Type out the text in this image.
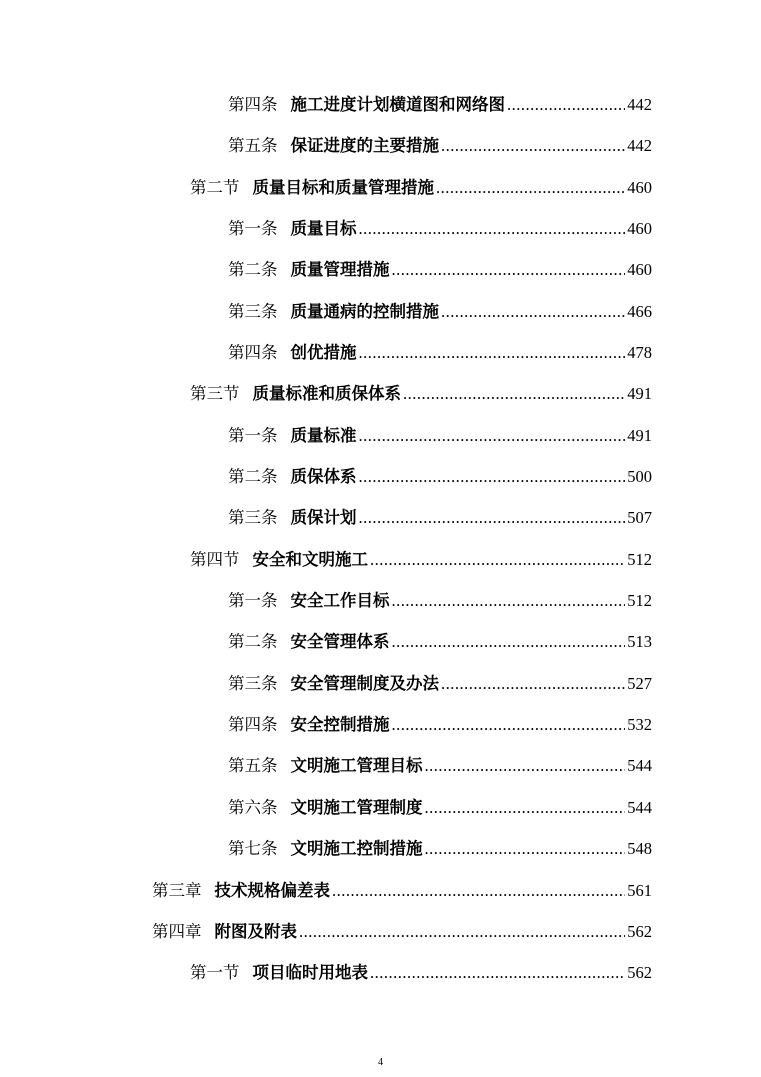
第四条 施工进度计划横道图和网络图 .....	442
第五条 保证进度的主要措施 .....	442
第二节 质量目标和质量管理措施 .....	460
第一条 质量目标 .....	460
第二条 质量管理措施 .....	460
第三条 质量通病的控制措施 .....	466
第四条 创优措施 .....	478
第三节 质量标准和质保体系 .....	491
第一条 质量标准 .....	491
第二条 质保体系 .....	500
第三条 质保计划 .....	507
第四节 安全和文明施工 .....	512
第一条 安全工作目标 .....	512
第二条 安全管理体系 .....	513
第三条 安全管理制度及办法 .....	527
第四条 安全控制措施 .....	532
第五条 文明施工管理目标 .....	544
第六条 文明施工管理制度 .....	544
第七条 文明施工控制措施 .....	548
第三章 技术规格偏差表 .....	561
第四章 附图及附表 .....	562
第一节 项目临时用地表 .....	562
4
